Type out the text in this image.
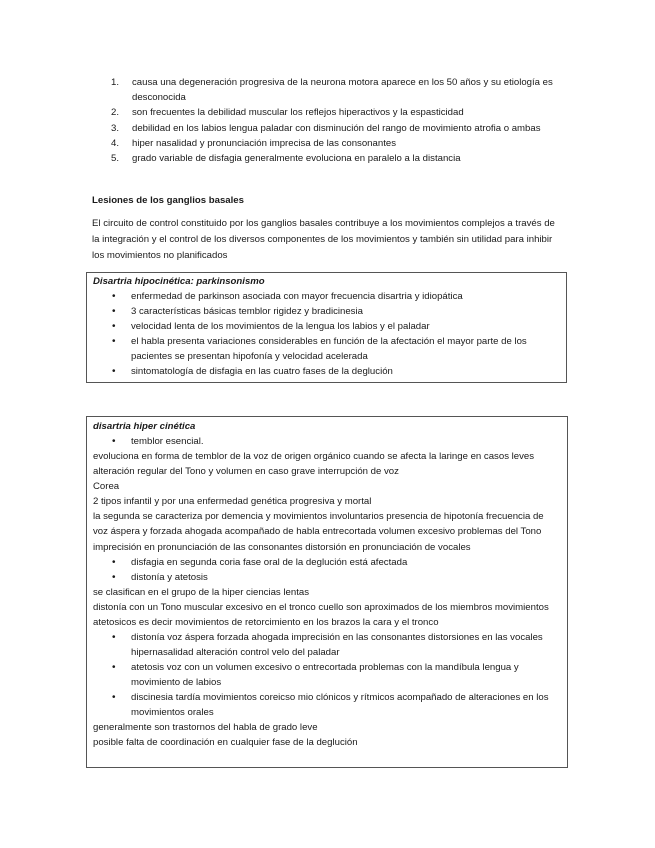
1. causa una degeneración progresiva de la neurona motora aparece en los 50 años y su etiología es desconocida
2. son frecuentes la debilidad muscular los reflejos hiperactivos y la espasticidad
3. debilidad en los labios lengua paladar con disminución del rango de movimiento atrofia o ambas
4. hiper nasalidad y pronunciación imprecisa de las consonantes
5. grado variable de disfagia generalmente evoluciona en paralelo a la distancia
Lesiones de los ganglios basales
El circuito de control constituido por los ganglios basales contribuye a los movimientos complejos a través de la integración y el control de los diversos componentes de los movimientos y también sin utilidad para inhibir los movimientos no planificados
Disartria hipocinética: parkinsonismo
• enfermedad de parkinson asociada con mayor frecuencia disartria y idiopática
• 3 características básicas temblor rigidez y bradicinesia
• velocidad lenta de los movimientos de la lengua los labios y el paladar
• el habla presenta variaciones considerables en función de la afectación el mayor parte de los pacientes se presentan hipofonía y velocidad acelerada
• sintomatología de disfagia en las cuatro fases de la deglución
disartria hiper cinética
• temblor esencial.
evoluciona en forma de temblor de la voz de origen orgánico cuando se afecta la laringe en casos leves alteración regular del Tono y volumen en caso grave interrupción de voz
Corea
2 tipos infantil y por una enfermedad genética progresiva y mortal
la segunda se caracteriza por demencia y movimientos involuntarios presencia de hipotonía frecuencia de voz áspera y forzada ahogada acompañado de habla entrecortada volumen excesivo problemas del Tono imprecisión en pronunciación de las consonantes distorsión en pronunciación de vocales
• disfagia en segunda coria fase oral de la deglución está afectada
• distonía y atetosis
se clasifican en el grupo de la hiper ciencias lentas
distonía con un Tono muscular excesivo en el tronco cuello son aproximados de los miembros movimientos atetosicos es decir movimientos de retorcimiento en los brazos la cara y el tronco
• distonía voz áspera forzada ahogada imprecisión en las consonantes distorsiones en las vocales hipernasalidad alteración control velo del paladar
• atetosis voz con un volumen excesivo o entrecortada problemas con la mandíbula lengua y movimiento de labios
• discinesia tardía movimientos coreicso mio clónicos y rítmicos acompañado de alteraciones en los movimientos orales
generalmente son trastornos del habla de grado leve
posible falta de coordinación en cualquier fase de la deglución
